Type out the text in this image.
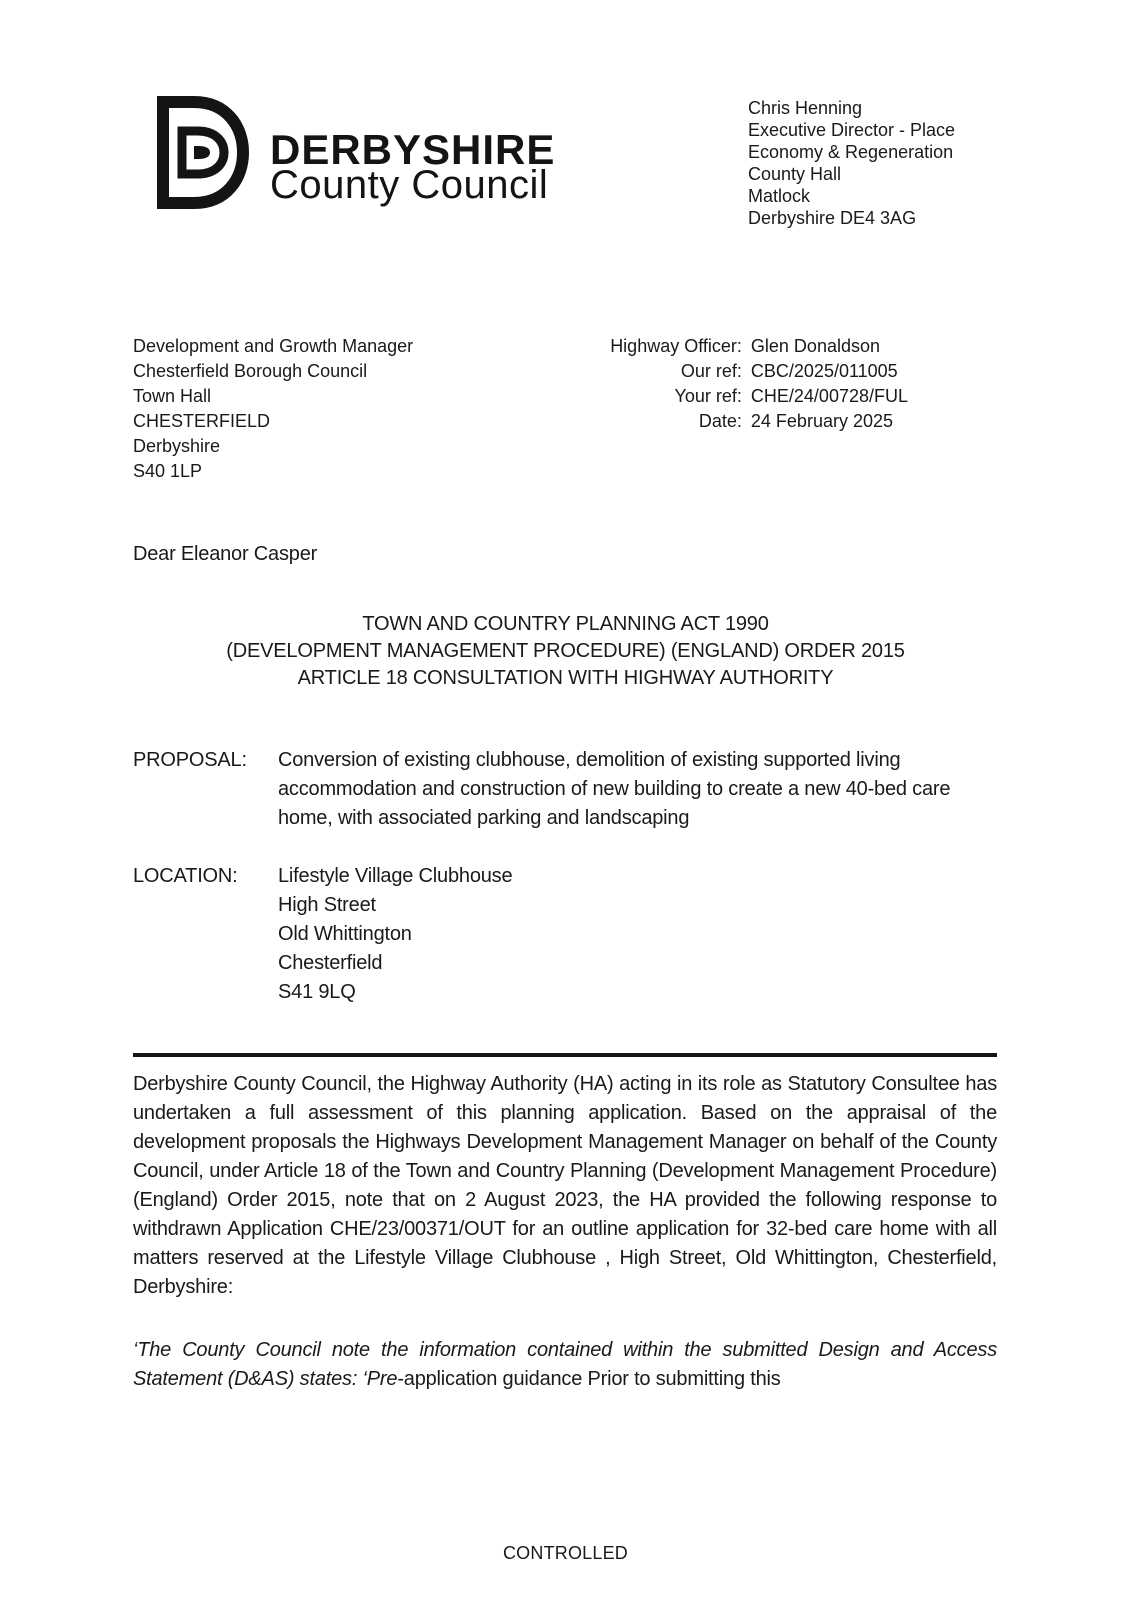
DERBYSHIRE
County Council
Chris Henning
Executive Director - Place
Economy & Regeneration
County Hall
Matlock
Derbyshire DE4 3AG
Development and Growth Manager
Chesterfield Borough Council
Town Hall
CHESTERFIELD
Derbyshire
S40 1LP
Highway Officer: Glen Donaldson
Our ref: CBC/2025/011005
Your ref: CHE/24/00728/FUL
Date: 24 February 2025
Dear Eleanor Casper
TOWN AND COUNTRY PLANNING ACT 1990
(DEVELOPMENT MANAGEMENT PROCEDURE) (ENGLAND) ORDER 2015
ARTICLE 18 CONSULTATION WITH HIGHWAY AUTHORITY
PROPOSAL:	Conversion of existing clubhouse, demolition of existing supported living accommodation and construction of new building to create a new 40-bed care home, with associated parking and landscaping
LOCATION:	Lifestyle Village Clubhouse
High Street
Old Whittington
Chesterfield
S41 9LQ

Derbyshire County Council, the Highway Authority (HA) acting in its role as Statutory Consultee has undertaken a full assessment of this planning application. Based on the appraisal of the development proposals the Highways Development Management Manager on behalf of the County Council, under Article 18 of the Town and Country Planning (Development Management Procedure) (England) Order 2015, note that on 2 August 2023, the HA provided the following response to withdrawn Application CHE/23/00371/OUT for an outline application for 32-bed care home with all matters reserved at the Lifestyle Village Clubhouse , High Street, Old Whittington, Chesterfield, Derbyshire:

‘The County Council note the information contained within the submitted Design and Access Statement (D&AS) states: ‘Pre-application guidance Prior to submitting this

CONTROLLED
